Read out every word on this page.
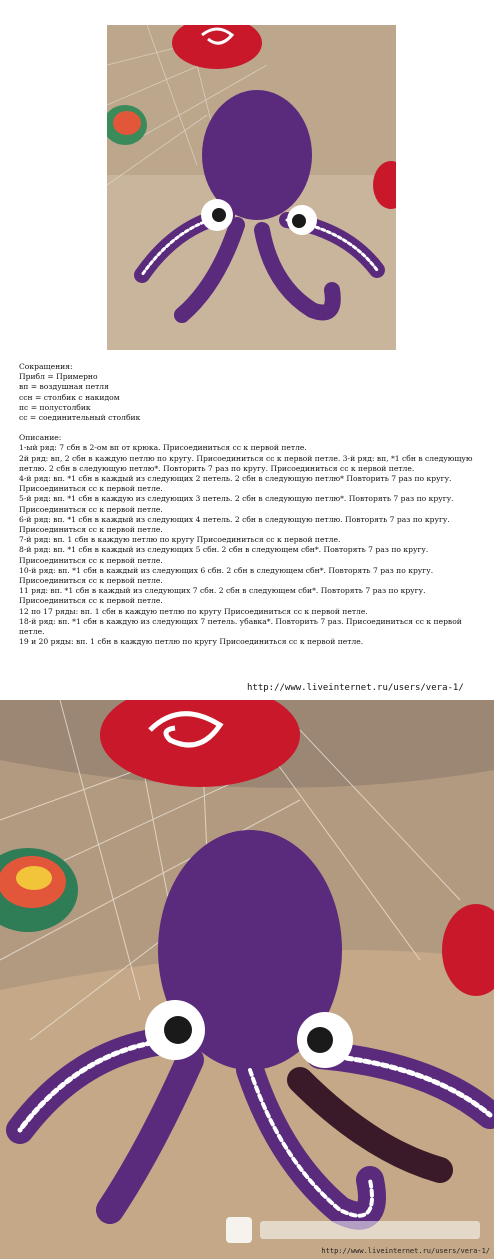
Сокращения:
Прибл = Примерно
вп = воздушная петля
ссн = столбик с накидом
пс = полустолбик
сс = соединительный столбик
Описание:
1-ый ряд: 7 сбн в 2-ом вп от крюка. Присоединиться сс к первой петле.
2й ряд: вп, 2 сбн в каждую петлю по кругу. Присоединиться сс к первой петле. 3-й ряд: вп, *1 сбн в следующую петлю. 2 сбн в следующую петлю*. Повторить 7 раз по кругу. Присоединиться сс к первой петле.
4-й ряд: вп. *1 сбн в каждый из следующих 2 петель. 2 сбн в следующую петлю* Повторить 7 раз по кругу. Присоединиться сс к первой петле.
5-й ряд: вп. *1 сбн в каждую из следующих 3 петель. 2 сбн в следующую петлю*. Повторять 7 раз по кругу. Присоединиться сс к первой петле.
6-й ряд: вп. *1 сбн в каждый из следующих 4 петель. 2 сбн в следующую петлю. Повторять 7 раз по кругу. Присоединиться сс к первой петле.
7-й ряд: вп. 1 сбн в каждую петлю по кругу Присоединиться сс к первой петле.
8-й ряд: вп. *1 сбн в каждый из следующих 5 сбн. 2 сбн в следующем сбн*. Повторять 7 раз по кругу. Присоединиться сс к первой петле.
10-й ряд: вп. *1 сбн в каждый из следующих 6 сбн. 2 сбн в следующем сбн*. Повторять 7 раз по кругу. Присоединиться сс к первой петле.
11 ряд: вп. *1 сбн в каждый из следующих 7 сбн. 2 сбн в следующем сби*. Повторять 7 раз по кругу. Присоединиться сс к первой петле.
12 по 17 ряды: вп. 1 сбн в каждую петлю по кругу Присоединиться сс к первой петле.
18-й ряд: вп. *1 сбн в каждую из следующих 7 петель. убавка*. Повторить 7 раз. Присоединиться сс к первой петле.
19 и 20 ряды: вп. 1 сбн в каждую петлю по кругу Присоединиться сс к первой петле.
http://www.liveinternet.ru/users/vera-1/
http://www.liveinternet.ru/users/vera-1/
